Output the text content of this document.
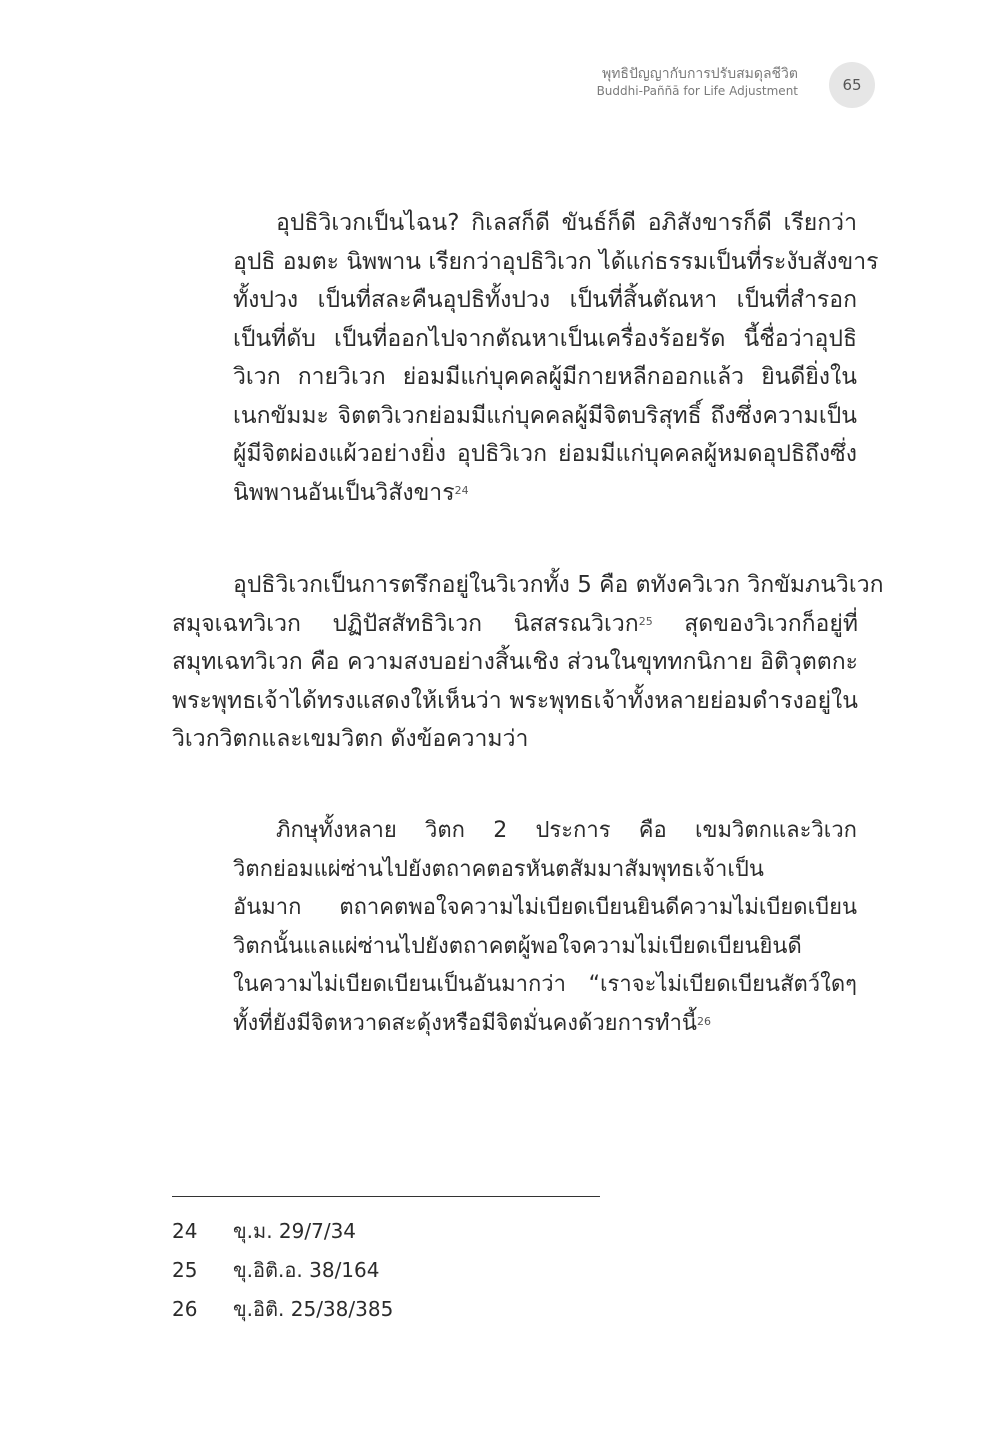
พุทธิปัญญากับการปรับสมดุลชีวิต
Buddhi-Paññā for Life Adjustment	65
อุปธิวิเวกเป็นไฉน? กิเลสก็ดี ขันธ์ก็ดี อภิสังขารก็ดี เรียกว่า
อุปธิ อมตะ นิพพาน เรียกว่าอุปธิวิเวก ได้แก่ธรรมเป็นที่ระงับสังขาร
ทั้งปวง เป็นที่สละคืนอุปธิทั้งปวง เป็นที่สิ้นตัณหา เป็นที่สำรอก
เป็นที่ดับ เป็นที่ออกไปจากตัณหาเป็นเครื่องร้อยรัด นี้ชื่อว่าอุปธิ
วิเวก กายวิเวก ย่อมมีแก่บุคคลผู้มีกายหลีกออกแล้ว ยินดียิ่งใน
เนกขัมมะ จิตตวิเวกย่อมมีแก่บุคคลผู้มีจิตบริสุทธิ์ ถึงซึ่งความเป็น
ผู้มีจิตผ่องแผ้วอย่างยิ่ง อุปธิวิเวก ย่อมมีแก่บุคคลผู้หมดอุปธิถึงซึ่ง
นิพพานอันเป็นวิสังขาร$^{24}$
อุปธิวิเวกเป็นการตรึกอยู่ในวิเวกทั้ง 5 คือ ตทังควิเวก วิกขัมภนวิเวก
สมุจเฉทวิเวก ปฏิปัสสัทธิวิเวก นิสสรณวิเวก$^{25}$ สุดของวิเวกก็อยู่ที่
สมุทเฉทวิเวก คือ ความสงบอย่างสิ้นเชิง ส่วนในขุททกนิกาย อิติวุตตกะ
พระพุทธเจ้าได้ทรงแสดงให้เห็นว่า พระพุทธเจ้าทั้งหลายย่อมดำรงอยู่ใน
วิเวกวิตกและเขมวิตก ดังข้อความว่า
ภิกษุทั้งหลาย วิตก 2 ประการ คือ เขมวิตกและวิเวก
วิตกย่อมแผ่ซ่านไปยังตถาคตอรหันตสัมมาสัมพุทธเจ้าเป็น
อันมาก ตถาคตพอใจความไม่เบียดเบียนยินดีความไม่เบียดเบียน
วิตกนั้นแลแผ่ซ่านไปยังตถาคตผู้พอใจความไม่เบียดเบียนยินดี
ในความไม่เบียดเบียนเป็นอันมากว่า “เราจะไม่เบียดเบียนสัตว์ใดๆ
ทั้งที่ยังมีจิตหวาดสะดุ้งหรือมีจิตมั่นคงด้วยการทำนี้$^{26}$
24	ขุ.ม. 29/7/34
25	ขุ.อิติ.อ. 38/164
26	ขุ.อิติ. 25/38/385
